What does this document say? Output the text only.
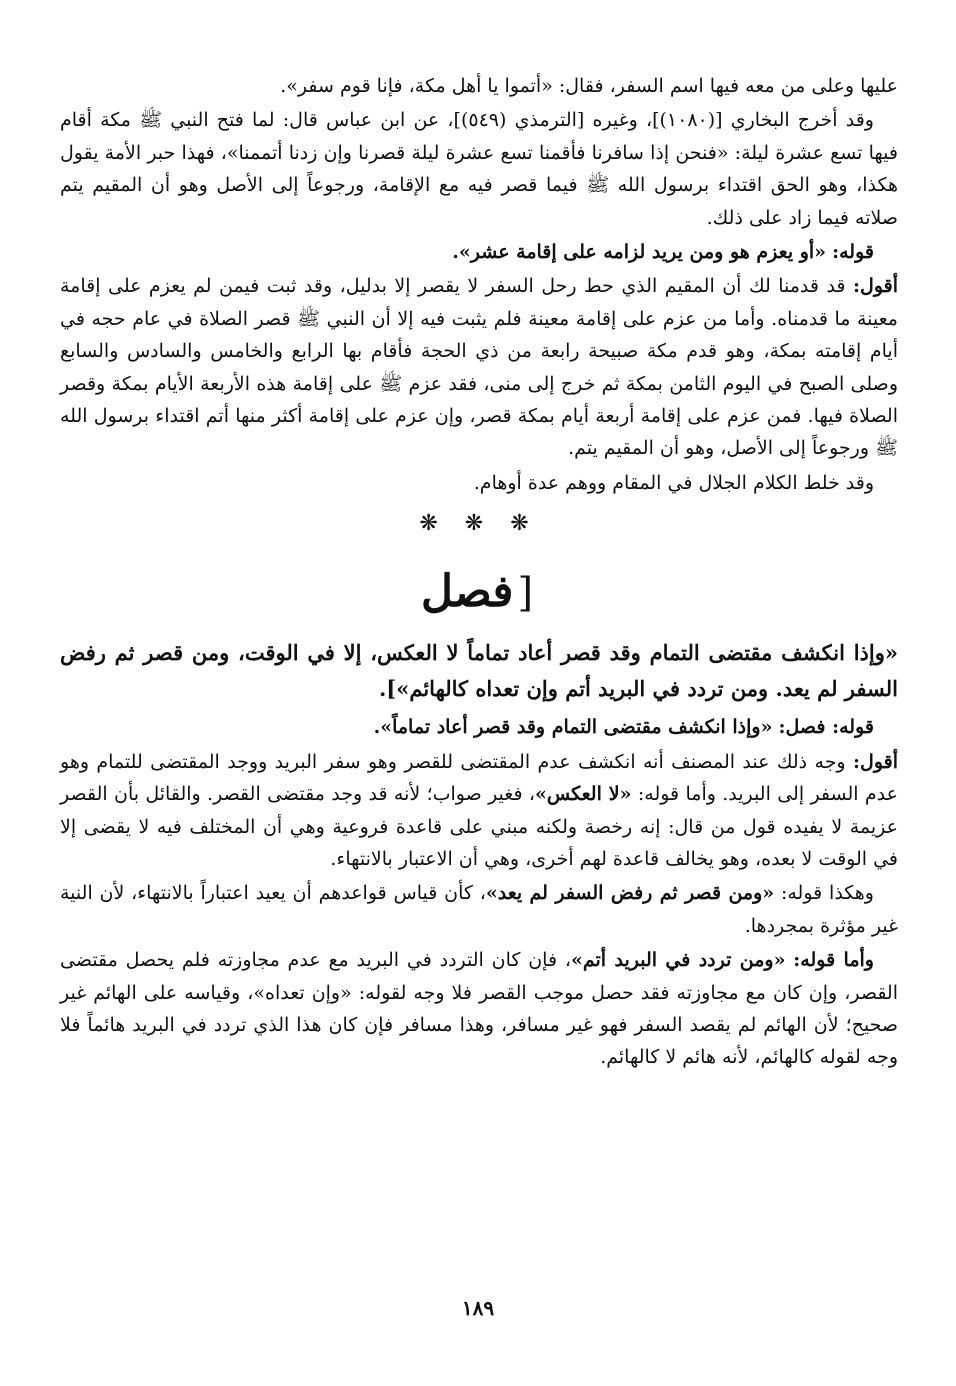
عليها وعلى من معه فيها اسم السفر، فقال: «أتموا يا أهل مكة، فإنا قوم سفر».

وقد أخرج البخاري [(١٠٨٠)]، وغيره [الترمذي (٥٤٩)]، عن ابن عباس قال: لما فتح النبي ﷺ مكة أقام فيها تسع عشرة ليلة: «فنحن إذا سافرنا فأقمنا تسع عشرة ليلة قصرنا وإن زدنا أتممنا»، فهذا حبر الأمة يقول هكذا، وهو الحق اقتداء برسول الله ﷺ فيما قصر فيه مع الإقامة، ورجوعاً إلى الأصل وهو أن المقيم يتم صلاته فيما زاد على ذلك.

قوله: «أو يعزم هو ومن يريد لزامه على إقامة عشر».

أقول: قد قدمنا لك أن المقيم الذي حط رحل السفر لا يقصر إلا بدليل، وقد ثبت فيمن لم يعزم على إقامة معينة ما قدمناه. وأما من عزم على إقامة معينة فلم يثبت فيه إلا أن النبي ﷺ قصر الصلاة في عام حجه في أيام إقامته بمكة، وهو قدم مكة صبيحة رابعة من ذي الحجة فأقام بها الرابع والخامس والسادس والسابع وصلى الصبح في اليوم الثامن بمكة ثم خرج إلى منى، فقد عزم ﷺ على إقامة هذه الأربعة الأيام بمكة وقصر الصلاة فيها. فمن عزم على إقامة أربعة أيام بمكة قصر، وإن عزم على إقامة أكثر منها أتم اقتداء برسول الله ﷺ ورجوعاً إلى الأصل، وهو أن المقيم يتم.

وقد خلط الكلام الجلال في المقام ووهم عدة أوهام.

❋ ❋ ❋
[فصل

«وإذا انكشف مقتضى التمام وقد قصر أعاد تماماً لا العكس، إلا في الوقت، ومن قصر ثم رفض السفر لم يعد. ومن تردد في البريد أتم وإن تعداه كالهائم»].

قوله: فصل: «وإذا انكشف مقتضى التمام وقد قصر أعاد تماماً».

أقول: وجه ذلك عند المصنف أنه انكشف عدم المقتضى للقصر وهو سفر البريد ووجد المقتضى للتمام وهو عدم السفر إلى البريد. وأما قوله: «لا العكس»، فغير صواب؛ لأنه قد وجد مقتضى القصر. والقائل بأن القصر عزيمة لا يفيده قول من قال: إنه رخصة ولكنه مبني على قاعدة فروعية وهي أن المختلف فيه لا يقضى إلا في الوقت لا بعده، وهو يخالف قاعدة لهم أخرى، وهي أن الاعتبار بالانتهاء.

وهكذا قوله: «ومن قصر ثم رفض السفر لم يعد»، كأن قياس قواعدهم أن يعيد اعتباراً بالانتهاء، لأن النية غير مؤثرة بمجردها.

وأما قوله: «ومن تردد في البريد أتم»، فإن كان التردد في البريد مع عدم مجاوزته فلم يحصل مقتضى القصر، وإن كان مع مجاوزته فقد حصل موجب القصر فلا وجه لقوله: «وإن تعداه»، وقياسه على الهائم غير صحيح؛ لأن الهائم لم يقصد السفر فهو غير مسافر، وهذا مسافر فإن كان هذا الذي تردد في البريد هائماً فلا وجه لقوله كالهائم، لأنه هائم لا كالهائم.

١٨٩
